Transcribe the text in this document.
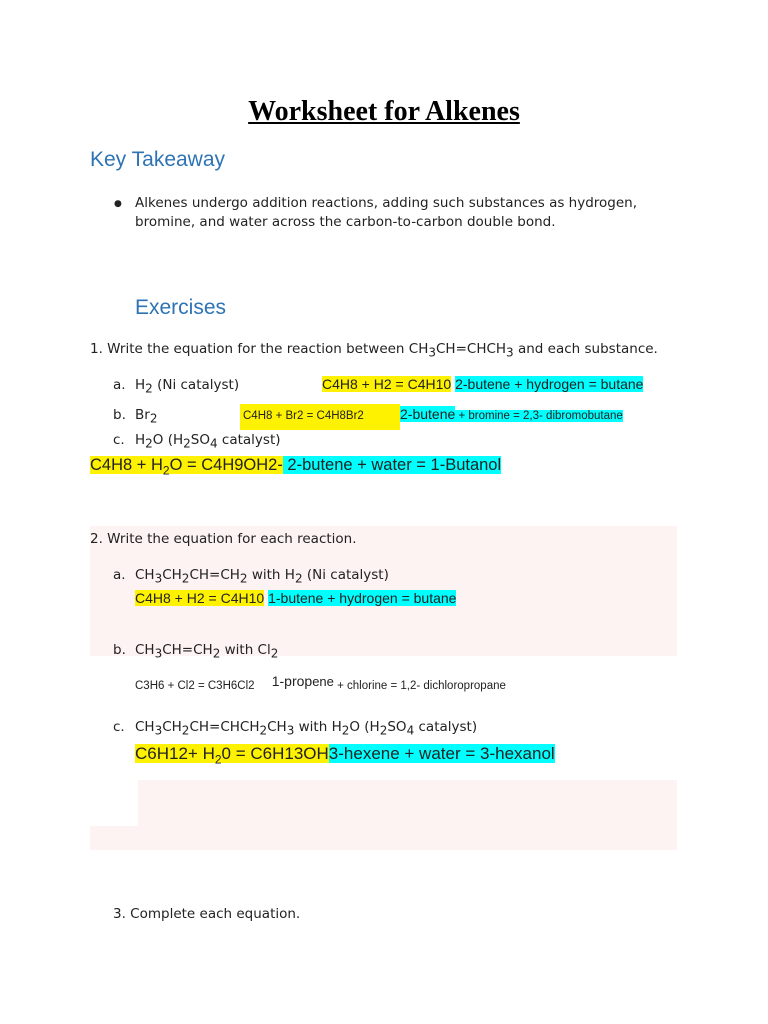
Worksheet for Alkenes
Key Takeaway
● Alkenes undergo addition reactions, adding such substances as hydrogen,
bromine, and water across the carbon-to-carbon double bond.
Exercises
1. Write the equation for the reaction between $CH_3CH=CHCH_3$ and each substance.
a. $H_2$ (Ni catalyst)	C4H8 + H2 = C4H10 2-butene + hydrogen = butane
b. $Br_2$	C4H8 + Br2 = C4H8Br2	2-butene + bromine = 2,3- dibromobutane
c. $H_2O$ ($H_2SO_4$ catalyst)
$C4H8 + H_2O = C4H9OH2-$ 2-butene + water = 1-Butanol
2. Write the equation for each reaction.
a. $CH_3CH_2CH=CH_2$ with $H_2$ (Ni catalyst)
C4H8 + H2 = C4H10 1-butene + hydrogen = butane
b. $CH_3CH=CH_2$ with $Cl_2$
C3H6 + Cl2 = C3H6Cl2 1-propene + chlorine = 1,2- dichloropropane
c. $CH_3CH_2CH=CHCH_2CH_3$ with $H_2O$ ($H_2SO_4$ catalyst)
$C6H12+ H_20$ = C6H13OH3-hexene + water = 3-hexanol
3. Complete each equation.
